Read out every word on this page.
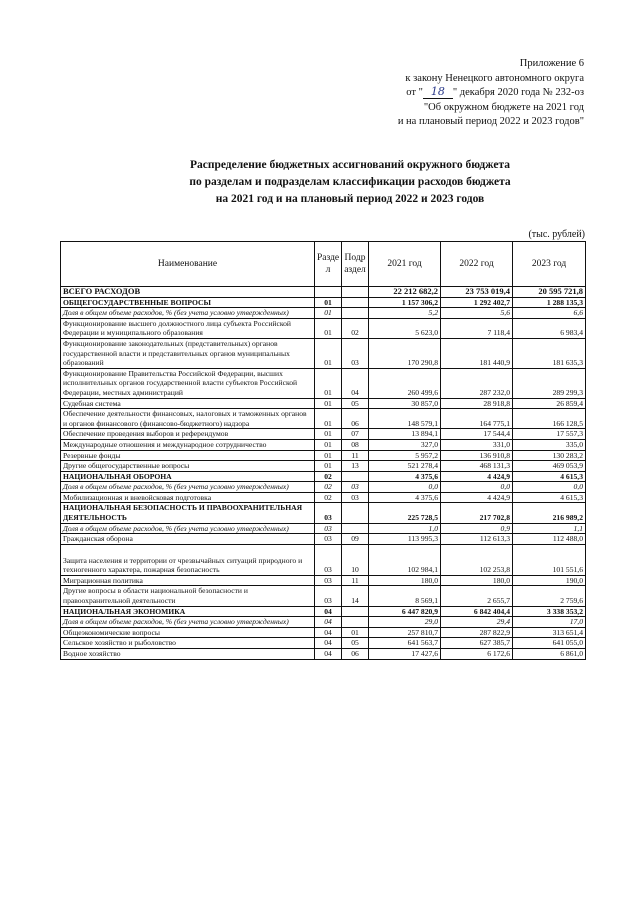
Приложение 6
к закону Ненецкого автономного округа
от " 18 " декабря 2020 года № 232-оз
"Об окружном бюджете на 2021 год
и на плановый период 2022 и 2023 годов"
Распределение бюджетных ассигнований окружного бюджета
по разделам и подразделам классификации расходов бюджета
на 2021 год и на плановый период 2022 и 2023 годов
(тыс. рублей)
Наименование	Разде л	Подр аздел	2021 год	2022 год	2023 год
ВСЕГО РАСХОДОВ			22 212 682,2	23 753 019,4	20 595 721,8
ОБЩЕГОСУДАРСТВЕННЫЕ ВОПРОСЫ	01		1 157 306,2	1 292 402,7	1 288 135,3
Доля в общем объеме расходов, % (без учета условно утвержденных)	01		5,2	5,6	6,6
Функционирование высшего должностного лица субъекта Российской Федерации и муниципального образования	01	02	5 623,0	7 118,4	6 983,4
Функционирование законодательных (представительных) органов государственной власти и представительных органов муниципальных образований	01	03	170 290,8	181 440,9	181 635,3
Функционирование Правительства Российской Федерации, высших исполнительных органов государственной власти субъектов Российской Федерации, местных администраций	01	04	260 499,6	287 232,0	289 299,3
Судебная система	01	05	30 857,0	28 918,8	26 859,4
Обеспечение деятельности финансовых, налоговых и таможенных органов и органов финансового (финансово-бюджетного) надзора	01	06	148 579,1	164 775,1	166 128,5
Обеспечение проведения выборов и референдумов	01	07	13 894,1	17 544,4	17 557,3
Международные отношения и международное сотрудничество	01	08	327,0	331,0	335,0
Резервные фонды	01	11	5 957,2	136 910,8	130 283,2
Другие общегосударственные вопросы	01	13	521 278,4	468 131,3	469 053,9
НАЦИОНАЛЬНАЯ ОБОРОНА	02		4 375,6	4 424,9	4 615,3
Доля в общем объеме расходов, % (без учета условно утвержденных)	02	03	0,0	0,0	0,0
Мобилизационная и вневойсковая подготовка	02	03	4 375,6	4 424,9	4 615,3
НАЦИОНАЛЬНАЯ БЕЗОПАСНОСТЬ И ПРАВООХРАНИТЕЛЬНАЯ ДЕЯТЕЛЬНОСТЬ	03		225 728,5	217 702,8	216 989,2
Доля в общем объеме расходов, % (без учета условно утвержденных)	03		1,0	0,9	1,1
Гражданская оборона	03	09	113 995,3	112 613,3	112 488,0
Защита населения и территории от чрезвычайных ситуаций природного и техногенного характера, пожарная безопасность	03	10	102 984,1	102 253,8	101 551,6
Миграционная политика	03	11	180,0	180,0	190,0
Другие вопросы в области национальной безопасности и правоохранительной деятельности	03	14	8 569,1	2 655,7	2 759,6
НАЦИОНАЛЬНАЯ ЭКОНОМИКА	04		6 447 820,9	6 842 404,4	3 338 353,2
Доля в общем объеме расходов, % (без учета условно утвержденных)	04		29,0	29,4	17,0
Общеэкономические вопросы	04	01	257 810,7	287 822,9	313 651,4
Сельское хозяйство и рыболовство	04	05	641 563,7	627 385,7	641 055,0
Водное хозяйство	04	06	17 427,6	6 172,6	6 861,0
